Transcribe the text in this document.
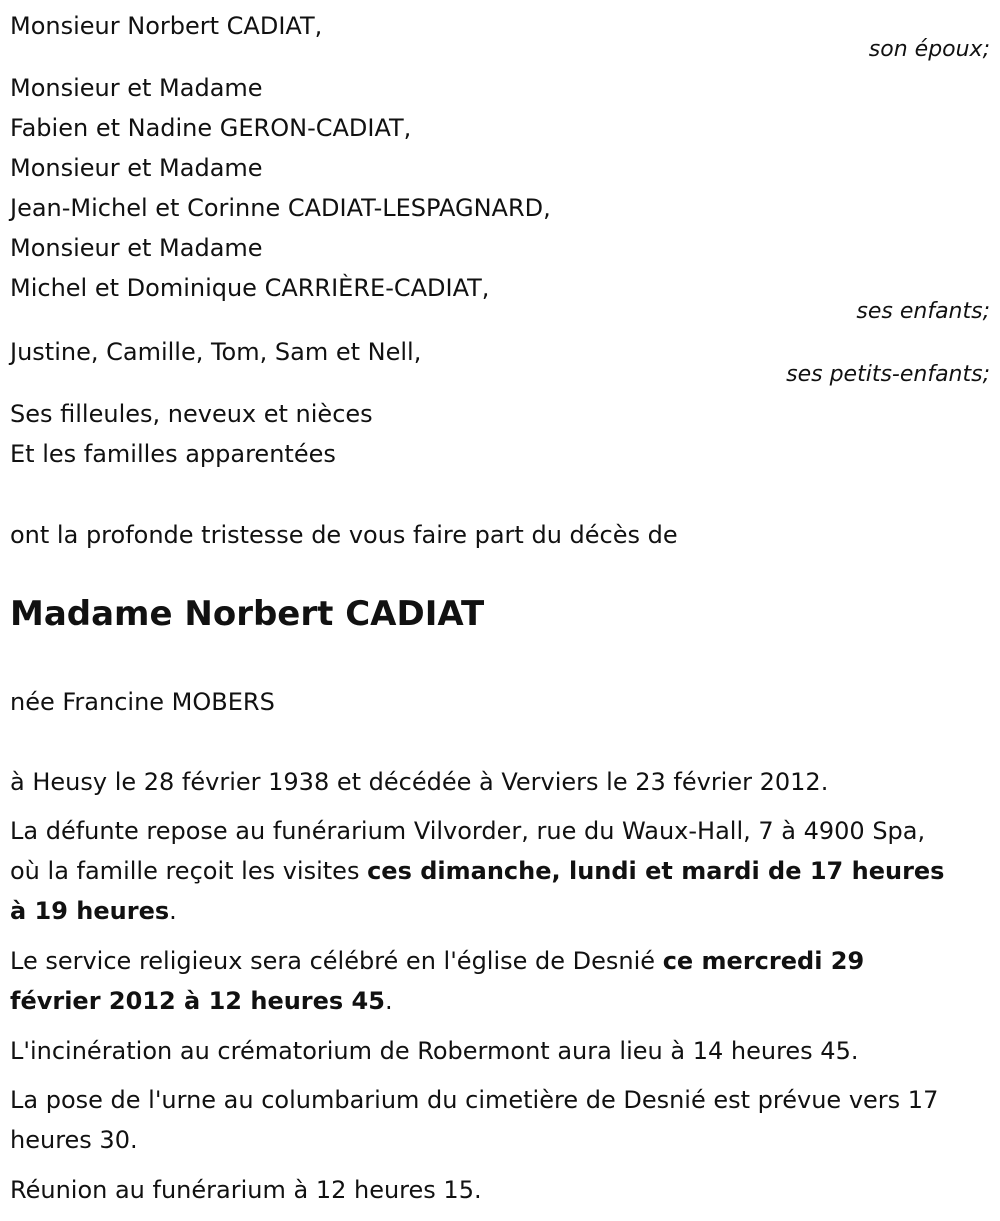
Monsieur Norbert CADIAT,
son époux;
Monsieur et Madame
Fabien et Nadine GERON-CADIAT,
Monsieur et Madame
Jean-Michel et Corinne CADIAT-LESPAGNARD,
Monsieur et Madame
Michel et Dominique CARRIÈRE-CADIAT,
ses enfants;
Justine, Camille, Tom, Sam et Nell,
ses petits-enfants;
Ses filleules, neveux et nièces
Et les familles apparentées
ont la profonde tristesse de vous faire part du décès de
Madame Norbert CADIAT
née Francine MOBERS
à Heusy le 28 février 1938 et décédée à Verviers le 23 février 2012.

La défunte repose au funérarium Vilvorder, rue du Waux-Hall, 7 à 4900 Spa, où la famille reçoit les visites ces dimanche, lundi et mardi de 17 heures à 19 heures.

Le service religieux sera célébré en l'église de Desnié ce mercredi 29 février 2012 à 12 heures 45.

L'incinération au crématorium de Robermont aura lieu à 14 heures 45.

La pose de l'urne au columbarium du cimetière de Desnié est prévue vers 17 heures 30.

Réunion au funérarium à 12 heures 15.
